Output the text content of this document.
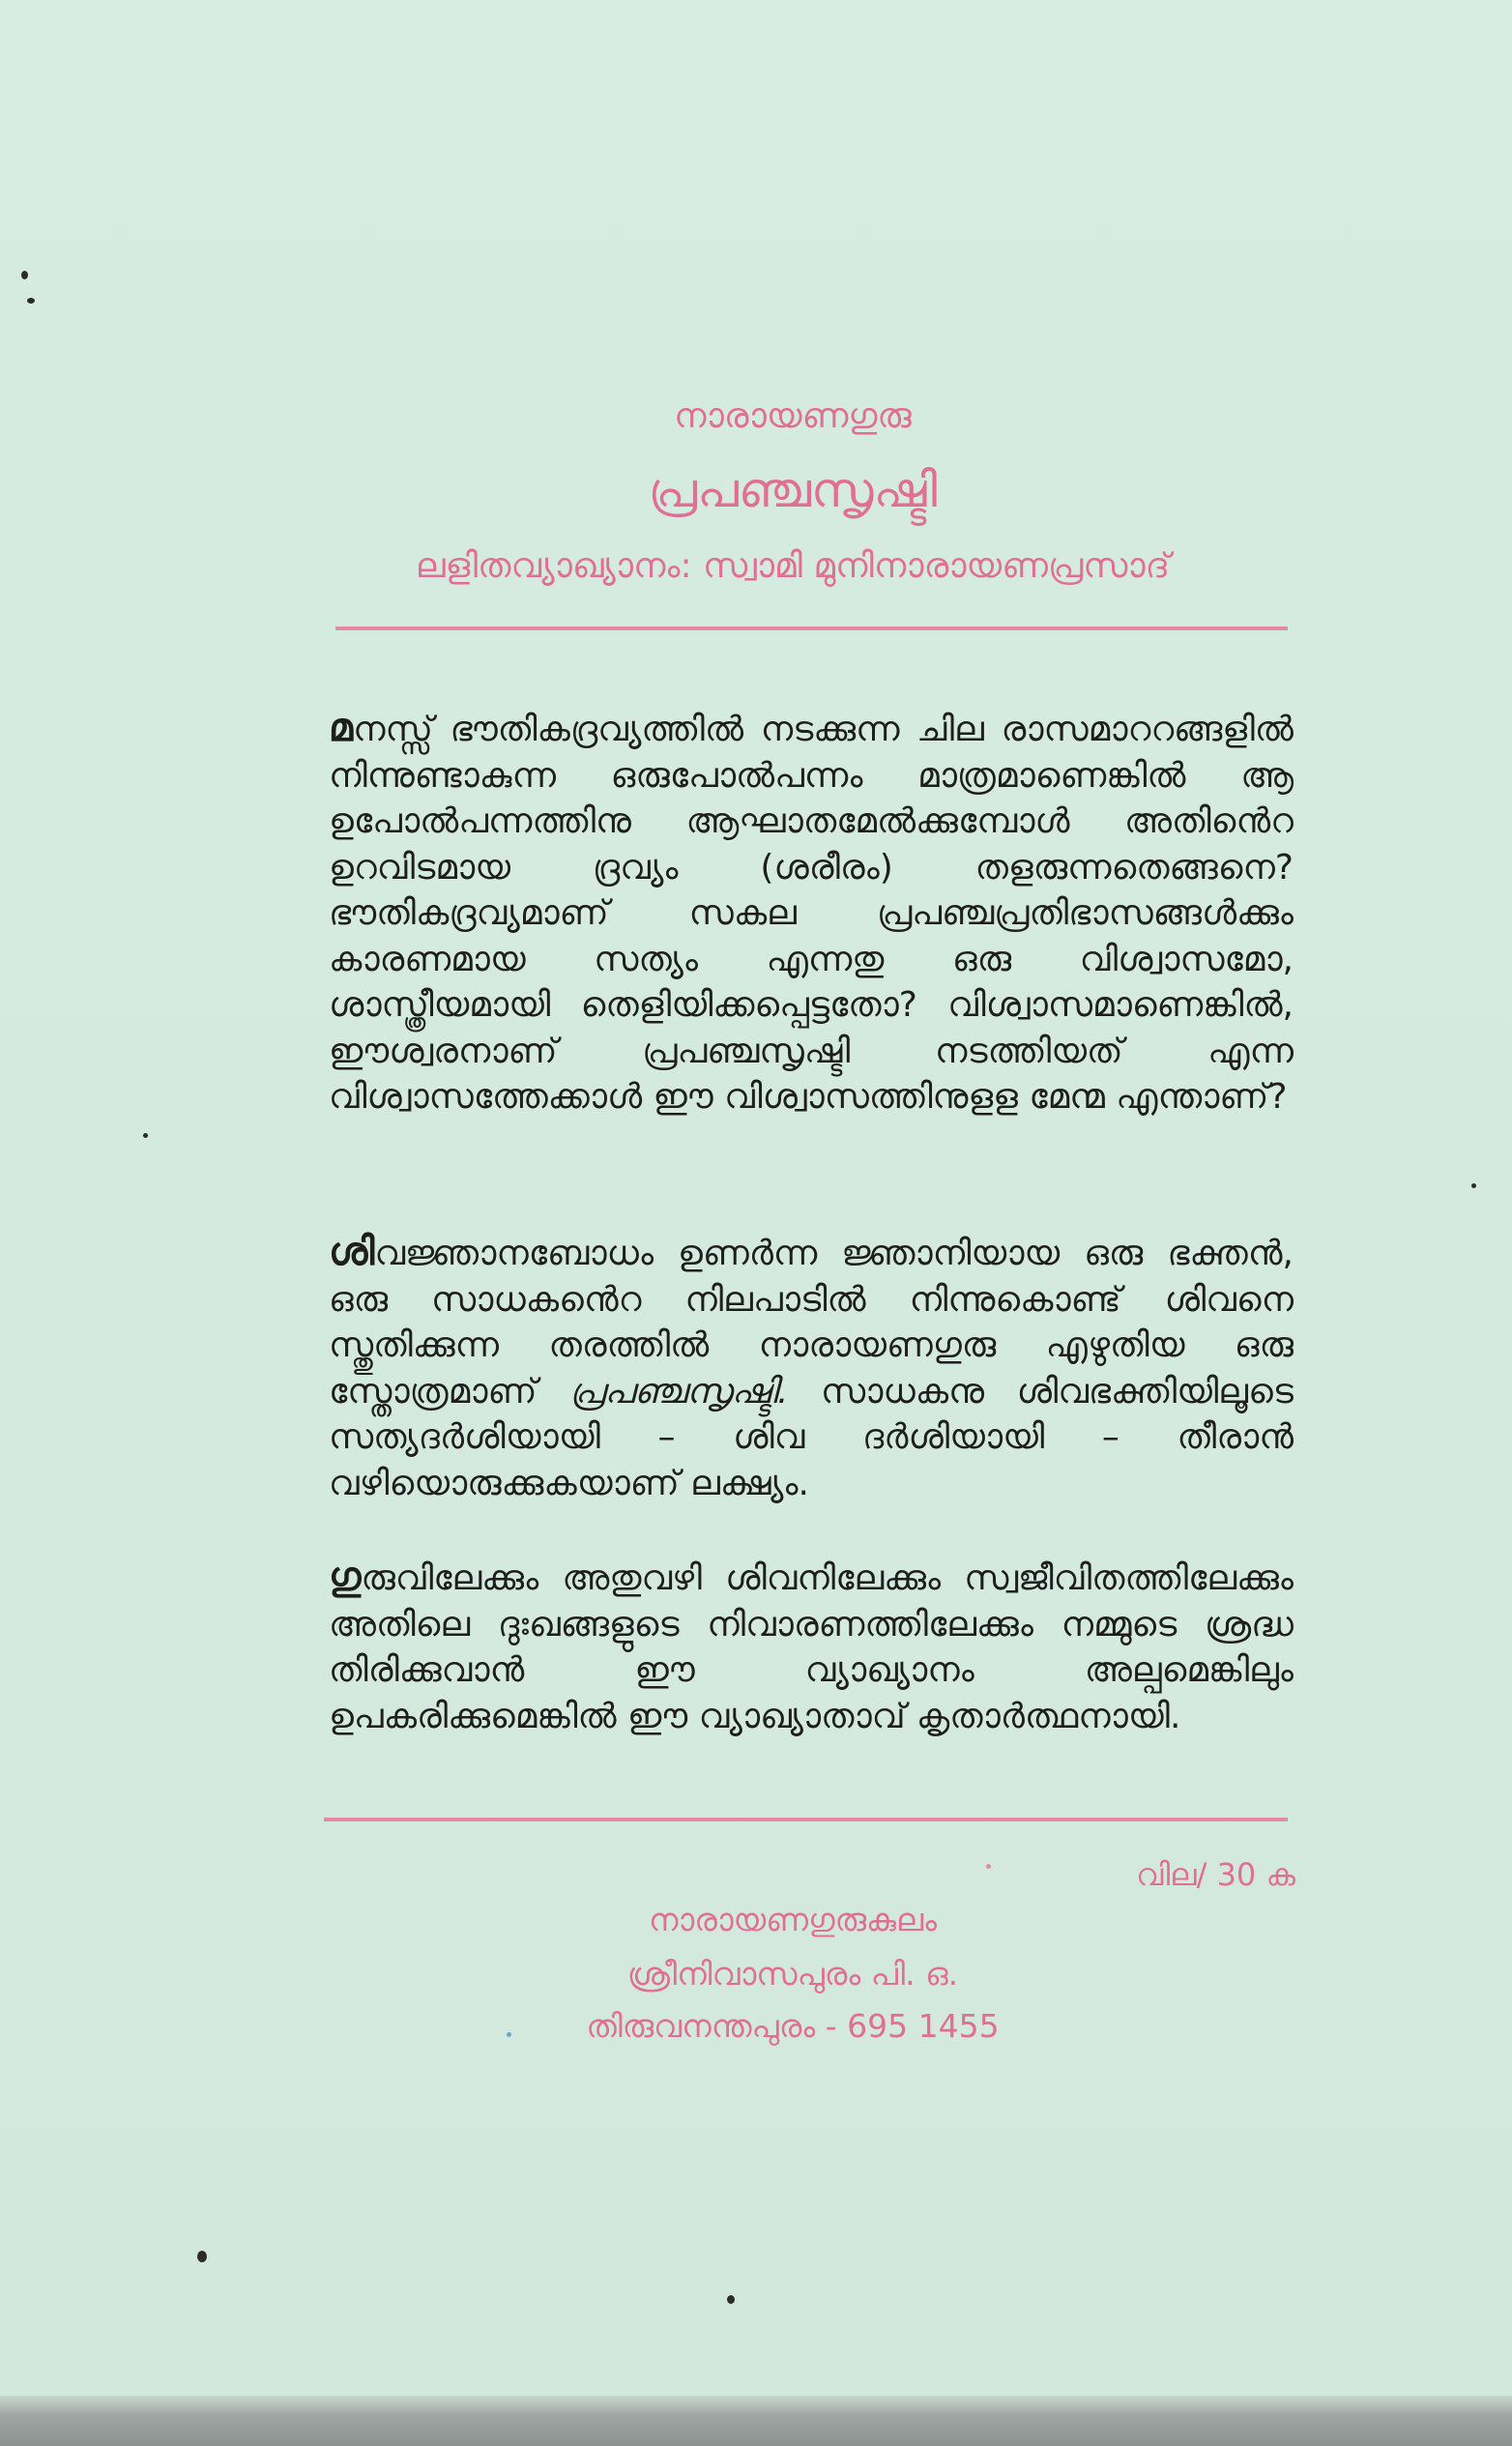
നാരായണഗുരു
പ്രപഞ്ചസൃഷ്ടി
ലളിതവ്യാഖ്യാനം: സ്വാമി മുനിനാരായണപ്രസാദ്
മനസ്സ് ഭൗതികദ്രവ്യത്തിൽ നടക്കുന്ന ചില രാസമാററങ്ങളിൽ നിന്നുണ്ടാകുന്ന ഒരുപോൽപന്നം മാത്രമാണെങ്കിൽ ആ ഉപോൽപന്നത്തിനു ആഘാതമേൽക്കുമ്പോൾ അതിൻെറ ഉറവിടമായ ദ്രവ്യം (ശരീരം) തളരുന്നതെങ്ങനെ? ഭൗതികദ്രവ്യമാണ് സകല പ്രപഞ്ചപ്രതിഭാസങ്ങൾക്കും കാരണമായ സത്യം എന്നതു ഒരു വിശ്വാസമോ, ശാസ്ത്രീയമായി തെളിയിക്കപ്പെട്ടതോ? വിശ്വാസമാണെങ്കിൽ, ഈശ്വരനാണ് പ്രപഞ്ചസൃഷ്ടി നടത്തിയത് എന്ന വിശ്വാസത്തേക്കാൾ ഈ വിശ്വാസത്തിനുളള മേന്മ എന്താണ്?
ശിവജ്ഞാനബോധം ഉണർന്ന ജ്ഞാനിയായ ഒരു ഭക്തൻ, ഒരു സാധകൻെറ നിലപാടിൽ നിന്നുകൊണ്ട് ശിവനെ സ്തുതിക്കുന്ന തരത്തിൽ നാരായണഗുരു എഴുതിയ ഒരു സ്തോത്രമാണ് പ്രപഞ്ചസൃഷ്ടി. സാധകനു ശിവഭക്തിയിലൂടെ സത്യദർശിയായി – ശിവ ദർശിയായി – തീരാൻ വഴിയൊരുക്കുകയാണ് ലക്ഷ്യം.
ഗുരുവിലേക്കും അതുവഴി ശിവനിലേക്കും സ്വജീവിതത്തിലേക്കും അതിലെ ദുഃഖങ്ങളുടെ നിവാരണത്തിലേക്കും നമ്മുടെ ശ്രദ്ധ തിരിക്കുവാൻ ഈ വ്യാഖ്യാനം അല്പമെങ്കിലും ഉപകരിക്കുമെങ്കിൽ ഈ വ്യാഖ്യാതാവ് കൃതാർത്ഥനായി.
വില/ 30 ക
നാരായണഗുരുകുലം
ശ്രീനിവാസപുരം പി. ഒ.
തിരുവനന്തപുരം - 695 1455
